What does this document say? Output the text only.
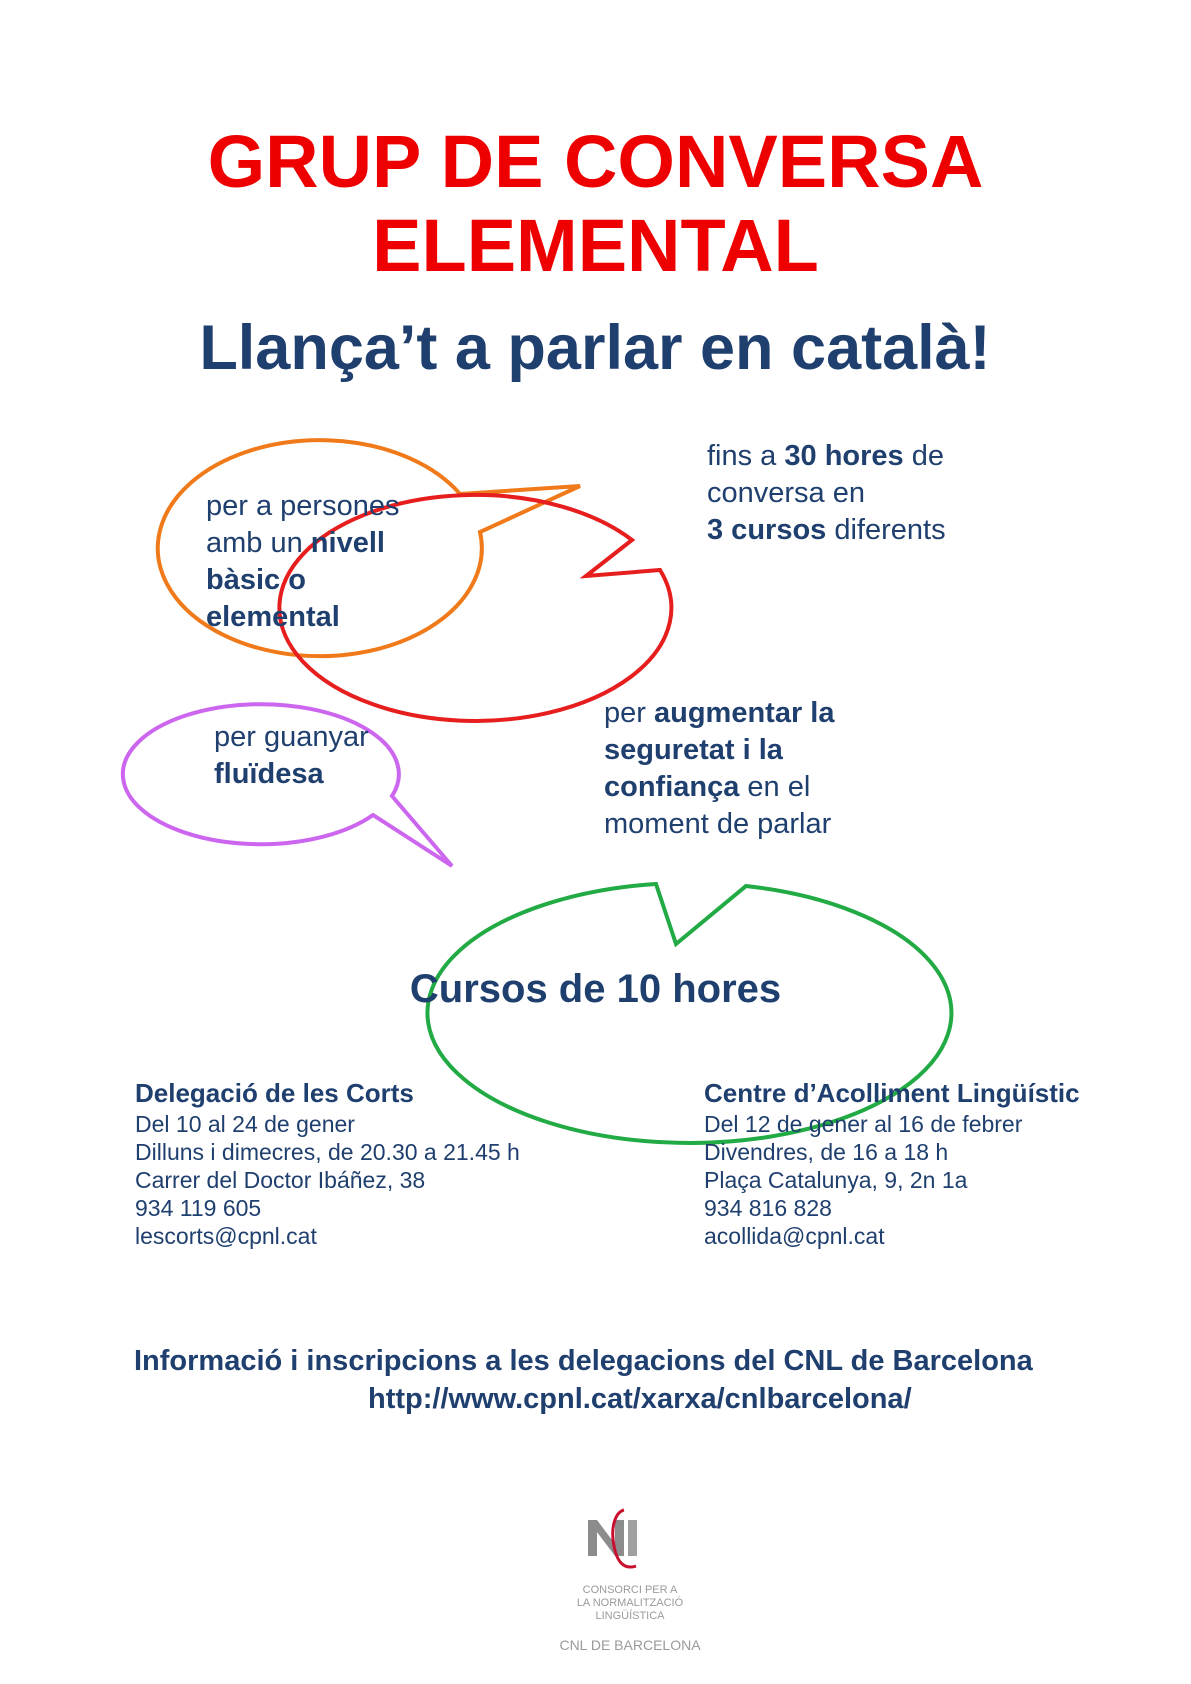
GRUP DE CONVERSA
ELEMENTAL
Llança’t a parlar en català!
per a persones
amb un nivell
bàsic o
elemental
fins a 30 hores de
conversa en
3 cursos diferents
per guanyar
fluïdesa
per augmentar la
seguretat i la
confiança en el
moment de parlar
Cursos de 10 hores
Delegació de les Corts
Del 10 al 24 de gener
Dilluns i dimecres, de 20.30 a 21.45 h
Carrer del Doctor Ibáñez, 38
934 119 605
lescorts@cpnl.cat
Centre d’Acolliment Lingüístic
Del 12 de gener al 16 de febrer
Divendres, de 16 a 18 h
Plaça Catalunya, 9, 2n 1a
934 816 828
acollida@cpnl.cat
Informació i inscripcions a les delegacions del CNL de Barcelona
http://www.cpnl.cat/xarxa/cnlbarcelona/
CONSORCI PER A
LA NORMALITZACIÓ
LINGÜÍSTICA
CNL DE BARCELONA
